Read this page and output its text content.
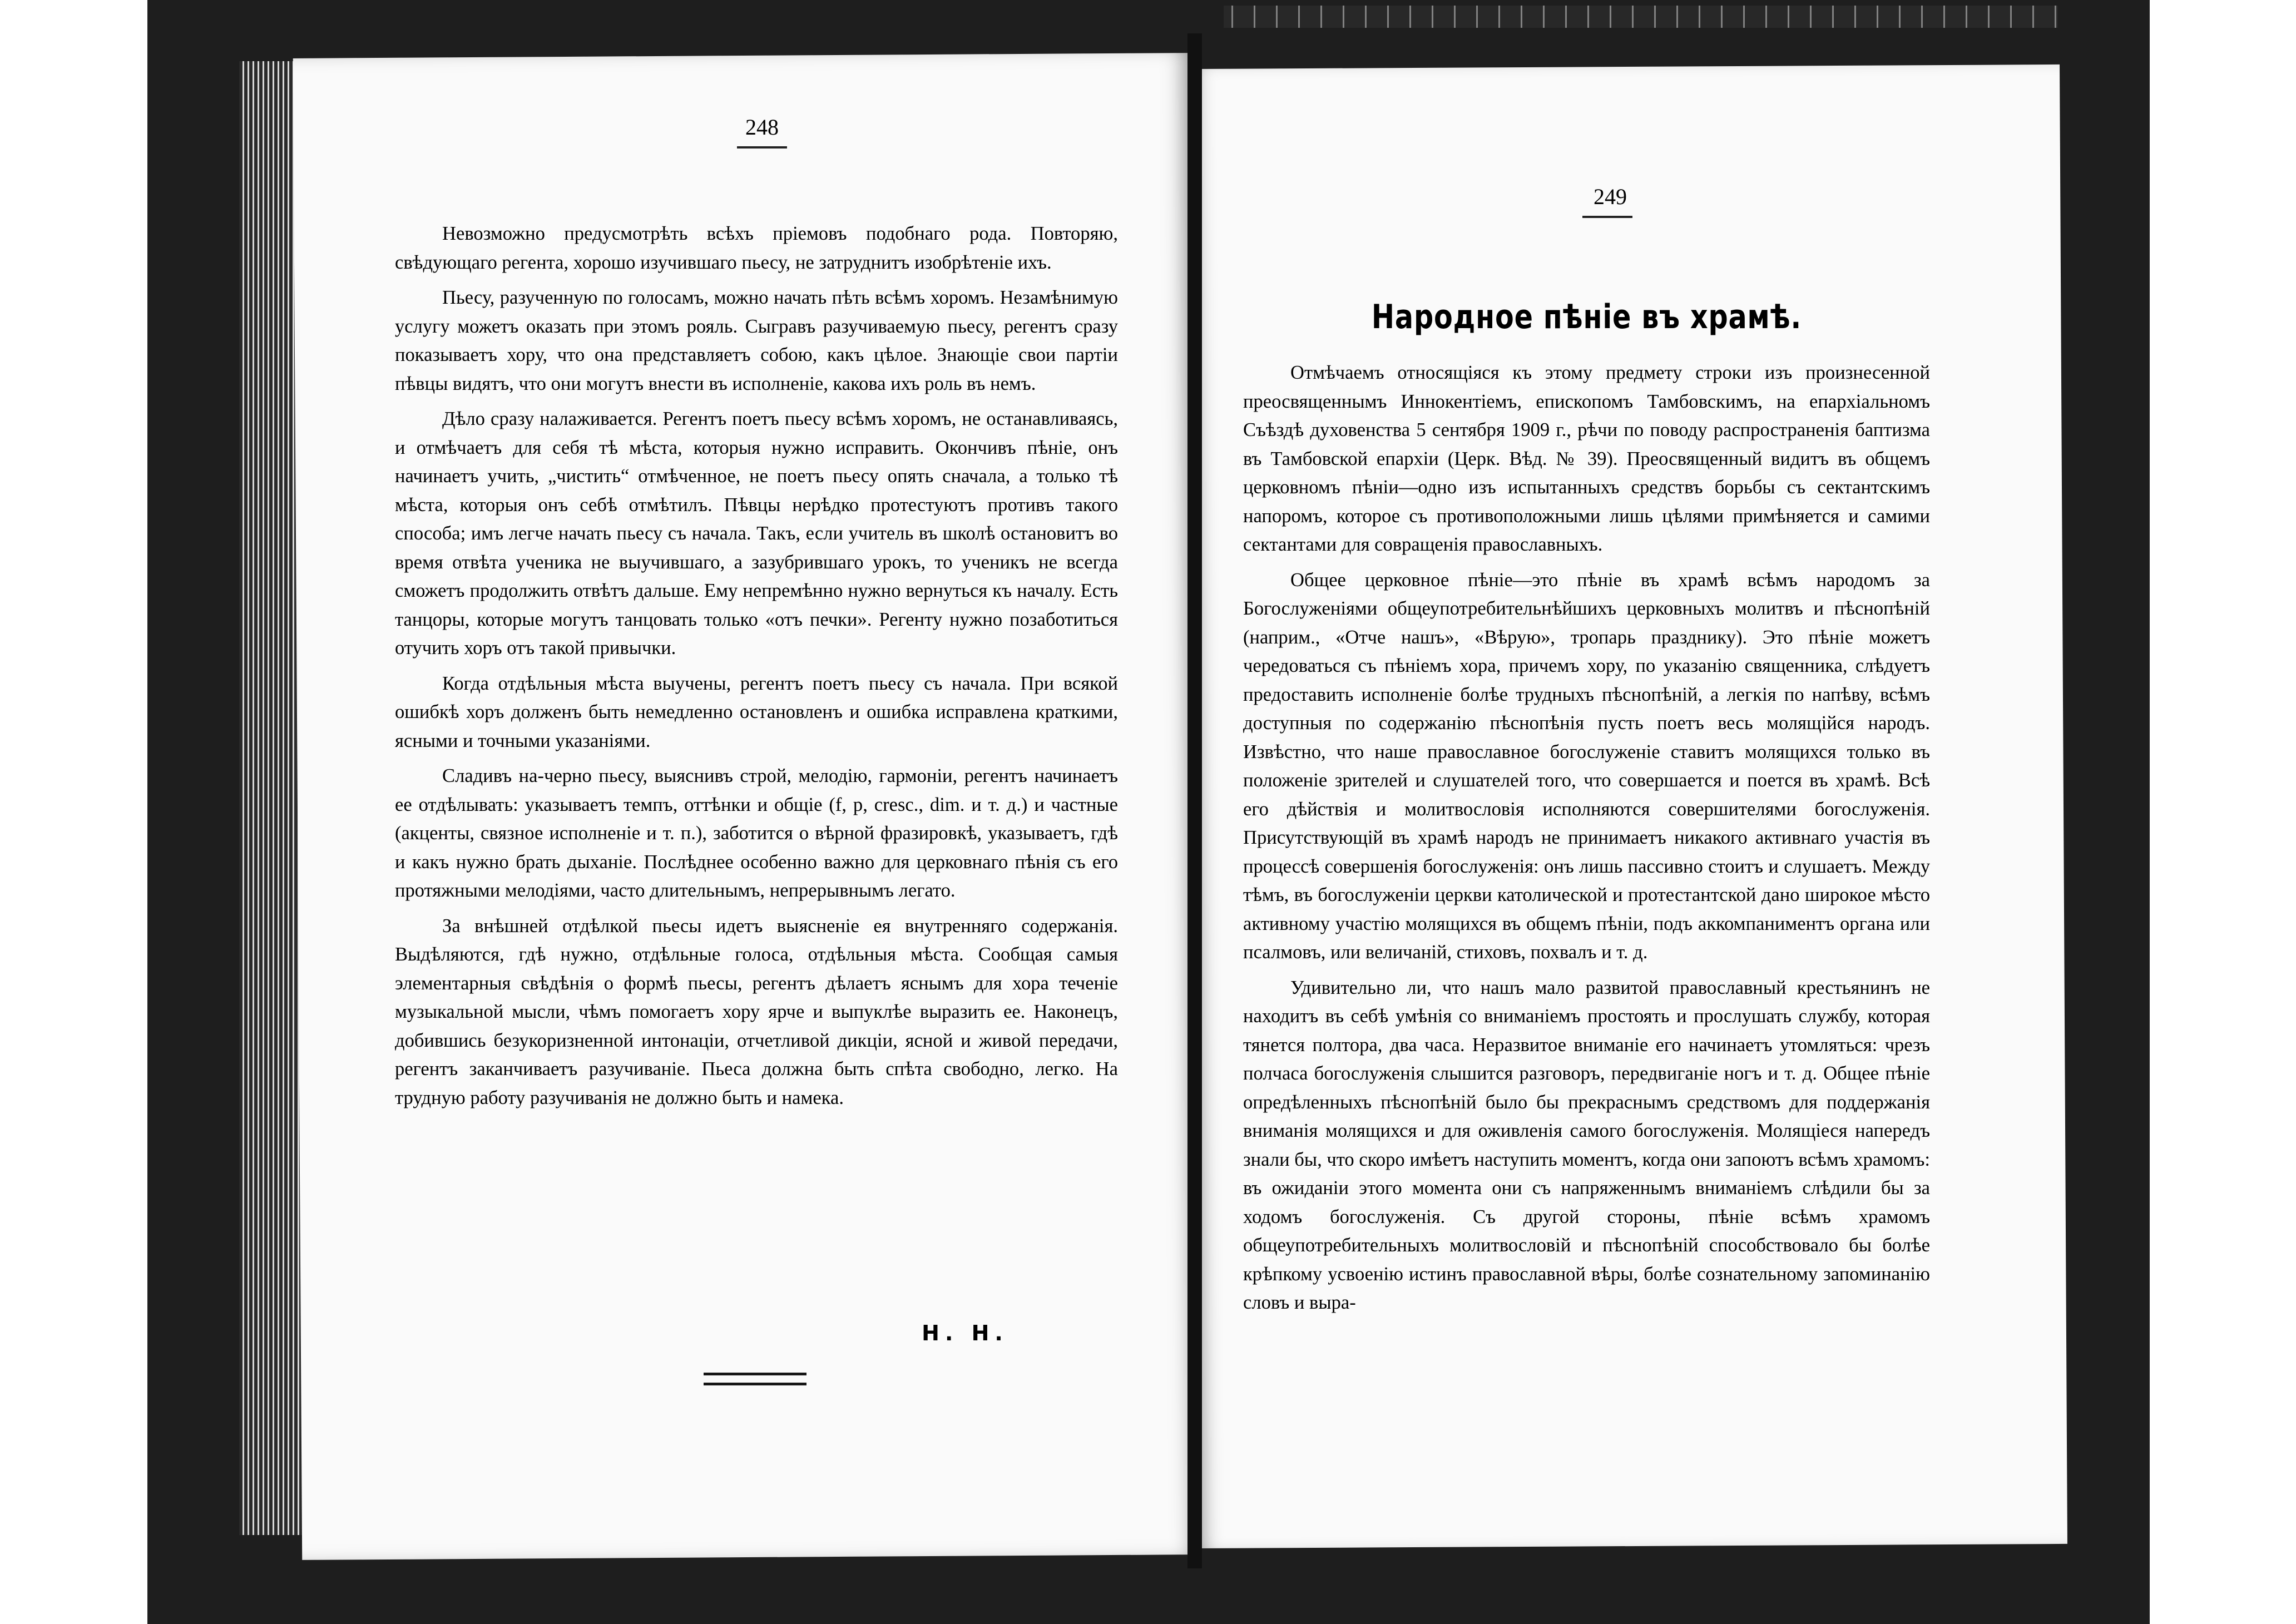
248
249

Невозможно предусмотрѣть всѣхъ пріемовъ подобнаго рода. Повторяю, свѣдующаго регента, хорошо изучившаго пьесу, не затруднитъ изобрѣтеніе ихъ.

Пьесу, разученную по голосамъ, можно начать пѣть всѣмъ хоромъ. Незамѣнимую услугу можетъ оказать при этомъ рояль. Сыгравъ разучиваемую пьесу, регентъ сразу показываетъ хору, что она представляетъ собою, какъ цѣлое. Знающіе свои партіи пѣвцы видятъ, что они могутъ внести въ исполненіе, какова ихъ роль въ немъ.

Дѣло сразу налаживается. Регентъ поетъ пьесу всѣмъ хоромъ, не останавливаясь, и отмѣчаетъ для себя тѣ мѣста, которыя нужно исправить. Окончивъ пѣніе, онъ начинаетъ учить, „чистить“ отмѣченное, не поетъ пьесу опять сначала, а только тѣ мѣста, которыя онъ себѣ отмѣтилъ. Пѣвцы нерѣдко протестуютъ противъ такого способа; имъ легче начать пьесу съ начала. Такъ, если учитель въ школѣ остановитъ во время отвѣта ученика не выучившаго, а зазубрившаго урокъ, то ученикъ не всегда сможетъ продолжить отвѣтъ дальше. Ему непремѣнно нужно вернуться къ началу. Есть танцоры, которые могутъ танцовать только «отъ печки». Регенту нужно позаботиться отучить хоръ отъ такой привычки.

Когда отдѣльныя мѣста выучены, регентъ поетъ пьесу съ начала. При всякой ошибкѣ хоръ долженъ быть немедленно остановленъ и ошибка исправлена краткими, ясными и точными указаніями.

Сладивъ на-черно пьесу, выяснивъ строй, мелодію, гармоніи, регентъ начинаетъ ее отдѣлывать: указываетъ темпъ, оттѣнки и общіе (f, p, cresc., dim. и т. д.) и частные (акценты, связное исполненіе и т. п.), заботится о вѣрной фразировкѣ, указываетъ, гдѣ и какъ нужно брать дыханіе. Послѣднее особенно важно для церковнаго пѣнія съ его протяжными мелодіями, часто длительнымъ, непрерывнымъ легато.

За внѣшней отдѣлкой пьесы идетъ выясненіе ея внутренняго содержанія. Выдѣляются, гдѣ нужно, отдѣльные голоса, отдѣльныя мѣста. Сообщая самыя элементарныя свѣдѣнія о формѣ пьесы, регентъ дѣлаетъ яснымъ для хора теченіе музыкальной мысли, чѣмъ помогаетъ хору ярче и выпуклѣе выразить ее. Наконецъ, добившись безукоризненной интонаціи, отчетливой дикціи, ясной и живой передачи, регентъ заканчиваетъ разучиваніе. Пьеса должна быть спѣта свободно, легко. На трудную работу разучиванія не должно быть и намека.

Н. Н.
Народное пѣніе въ храмѣ.

Отмѣчаемъ относящіяся къ этому предмету строки изъ произнесенной преосвященнымъ Иннокентіемъ, епископомъ Тамбовскимъ, на епархіальномъ Съѣздѣ духовенства 5 сентября 1909 г., рѣчи по поводу распространенія баптизма въ Тамбовской епархіи (Церк. Вѣд. № 39). Преосвященный видитъ въ общемъ церковномъ пѣніи—одно изъ испытанныхъ средствъ борьбы съ сектантскимъ напоромъ, которое съ противоположными лишь цѣлями примѣняется и самими сектантами для совращенія православныхъ.

Общее церковное пѣніе—это пѣніе въ храмѣ всѣмъ народомъ за Богослуженіями общеупотребительнѣйшихъ церковныхъ молитвъ и пѣснопѣній (наприм., «Отче нашъ», «Вѣрую», тропарь празднику). Это пѣніе можетъ чередоваться съ пѣніемъ хора, причемъ хору, по указанію священника, слѣдуетъ предоставить исполненіе болѣе трудныхъ пѣснопѣній, а легкія по напѣву, всѣмъ доступныя по содержанію пѣснопѣнія пусть поетъ весь молящійся народъ. Извѣстно, что наше православное богослуженіе ставитъ молящихся только въ положеніе зрителей и слушателей того, что совершается и поется въ храмѣ. Всѣ его дѣйствія и молитвословія исполняются совершителями богослуженія. Присутствующій въ храмѣ народъ не принимаетъ никакого активнаго участія въ процессѣ совершенія богослуженія: онъ лишь пассивно стоитъ и слушаетъ. Между тѣмъ, въ богослуженіи церкви католической и протестантской дано широкое мѣсто активному участію молящихся въ общемъ пѣніи, подъ аккомпаниментъ органа или псалмовъ, или величаній, стиховъ, похвалъ и т. д.

Удивительно ли, что нашъ мало развитой православный крестьянинъ не находитъ въ себѣ умѣнія со вниманіемъ простоять и прослушать службу, которая тянется полтора, два часа. Неразвитое вниманіе его начинаетъ утомляться: чрезъ полчаса богослуженія слышится разговоръ, передвиганіе ногъ и т. д. Общее пѣніе опредѣленныхъ пѣснопѣній было бы прекраснымъ средствомъ для поддержанія вниманія молящихся и для оживленія самого богослуженія. Молящіеся напередъ знали бы, что скоро имѣетъ наступить моментъ, когда они запоютъ всѣмъ храмомъ: въ ожиданіи этого момента они съ напряженнымъ вниманіемъ слѣдили бы за ходомъ богослуженія. Съ другой стороны, пѣніе всѣмъ храмомъ общеупотребительныхъ молитвословій и пѣснопѣній способствовало бы болѣе крѣпкому усвоенію истинъ православной вѣры, болѣе сознательному запоминанію словъ и выра-
